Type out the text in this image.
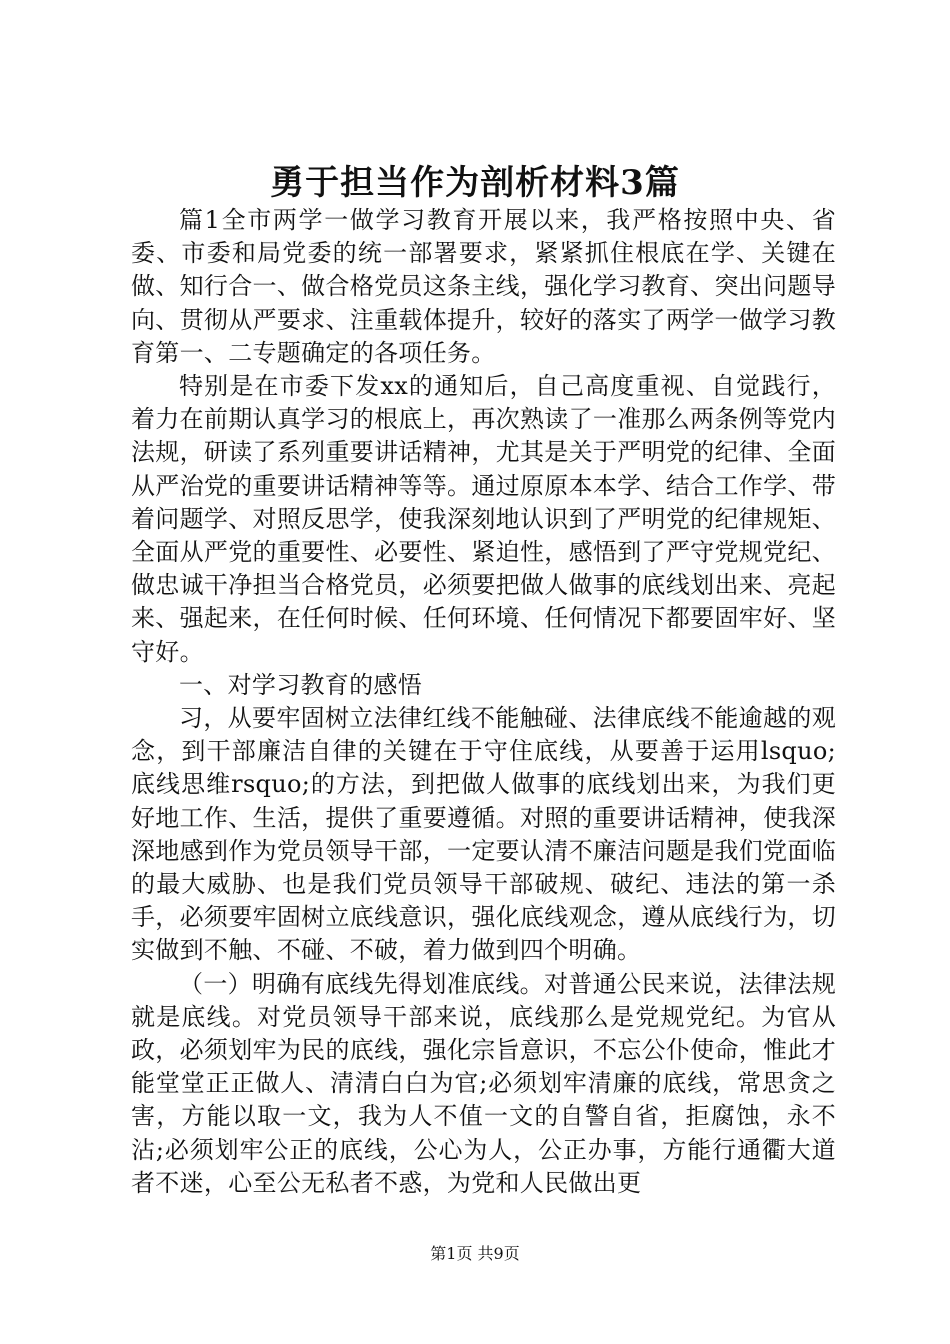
勇于担当作为剖析材料3篇

篇1全市两学一做学习教育开展以来，我严格按照中央、省委、市委和局党委的统一部署要求，紧紧抓住根底在学、关键在做、知行合一、做合格党员这条主线，强化学习教育、突出问题导向、贯彻从严要求、注重载体提升，较好的落实了两学一做学习教育第一、二专题确定的各项任务。

特别是在市委下发xx的通知后，自己高度重视、自觉践行，着力在前期认真学习的根底上，再次熟读了一准那么两条例等党内法规，研读了系列重要讲话精神，尤其是关于严明党的纪律、全面从严治党的重要讲话精神等等。通过原原本本学、结合工作学、带着问题学、对照反思学，使我深刻地认识到了严明党的纪律规矩、全面从严党的重要性、必要性、紧迫性，感悟到了严守党规党纪、做忠诚干净担当合格党员，必须要把做人做事的底线划出来、亮起来、强起来，在任何时候、任何环境、任何情况下都要固牢好、坚守好。

一、对学习教育的感悟

习，从要牢固树立法律红线不能触碰、法律底线不能逾越的观念，到干部廉洁自律的关键在于守住底线，从要善于运用lsquo;底线思维rsquo;的方法，到把做人做事的底线划出来，为我们更好地工作、生活，提供了重要遵循。对照的重要讲话精神，使我深深地感到作为党员领导干部，一定要认清不廉洁问题是我们党面临的最大威胁、也是我们党员领导干部破规、破纪、违法的第一杀手，必须要牢固树立底线意识，强化底线观念，遵从底线行为，切实做到不触、不碰、不破，着力做到四个明确。

（一）明确有底线先得划准底线。对普通公民来说，法律法规就是底线。对党员领导干部来说，底线那么是党规党纪。为官从政，必须划牢为民的底线，强化宗旨意识，不忘公仆使命，惟此才能堂堂正正做人、清清白白为官;必须划牢清廉的底线，常思贪之害，方能以取一文，我为人不值一文的自警自省，拒腐蚀，永不沾;必须划牢公正的底线，公心为人，公正办事，方能行通衢大道者不迷，心至公无私者不惑，为党和人民做出更

第1页 共9页
